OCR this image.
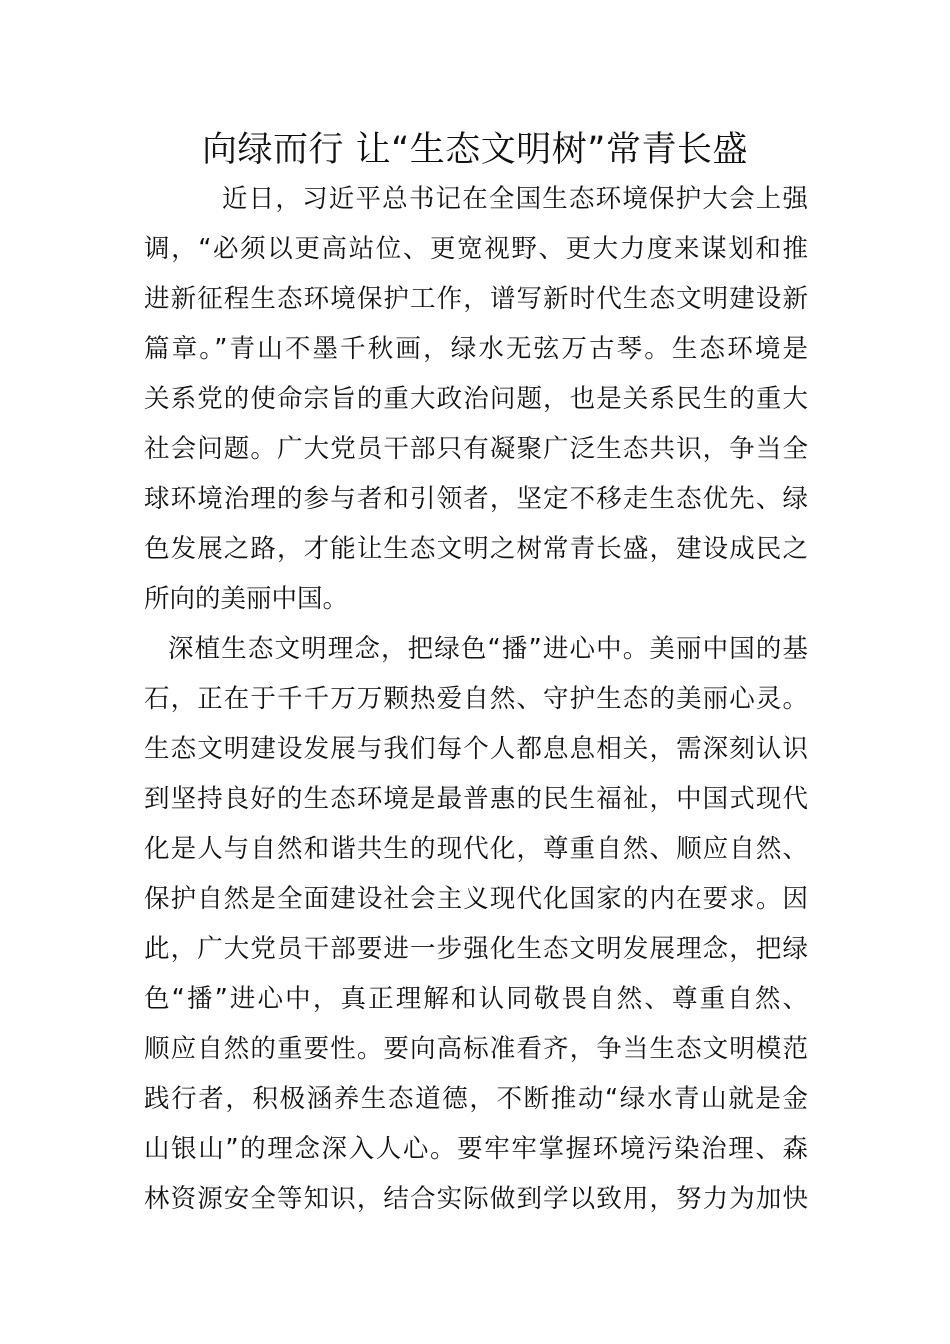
向绿而行 让“生态文明树”常青长盛
近日，习近平总书记在全国生态环境保护大会上强
调，“必须以更高站位、更宽视野、更大力度来谋划和推
进新征程生态环境保护工作，谱写新时代生态文明建设新
篇章。”青山不墨千秋画，绿水无弦万古琴。生态环境是
关系党的使命宗旨的重大政治问题，也是关系民生的重大
社会问题。广大党员干部只有凝聚广泛生态共识，争当全
球环境治理的参与者和引领者，坚定不移走生态优先、绿
色发展之路，才能让生态文明之树常青长盛，建设成民之
所向的美丽中国。
深植生态文明理念，把绿色“播”进心中。美丽中国的基
石，正在于千千万万颗热爱自然、守护生态的美丽心灵。
生态文明建设发展与我们每个人都息息相关，需深刻认识
到坚持良好的生态环境是最普惠的民生福祉，中国式现代
化是人与自然和谐共生的现代化，尊重自然、顺应自然、
保护自然是全面建设社会主义现代化国家的内在要求。因
此，广大党员干部要进一步强化生态文明发展理念，把绿
色“播”进心中，真正理解和认同敬畏自然、尊重自然、
顺应自然的重要性。要向高标准看齐，争当生态文明模范
践行者，积极涵养生态道德，不断推动“绿水青山就是金
山银山”的理念深入人心。要牢牢掌握环境污染治理、森
林资源安全等知识，结合实际做到学以致用，努力为加快
